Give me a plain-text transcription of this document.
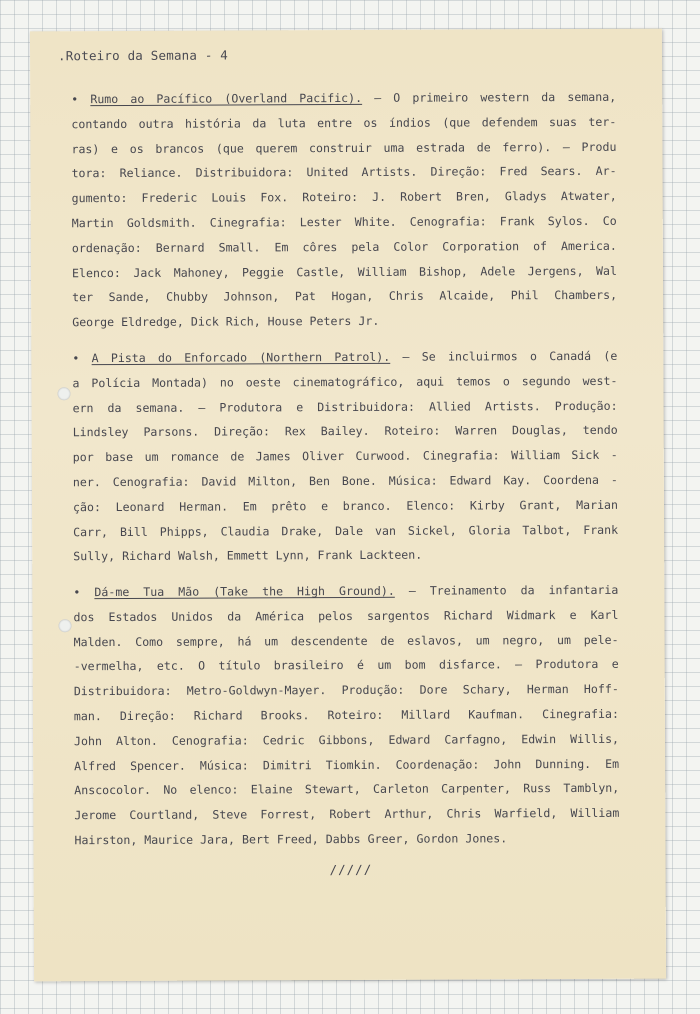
.Roteiro da Semana - 4
• Rumo ao Pacífico (Overland Pacific). — O primeiro western da semana,
contando outra história da luta entre os índios (que defendem suas ter-
ras) e os brancos (que querem construir uma estrada de ferro). — Produ
tora: Reliance. Distribuidora: United Artists. Direção: Fred Sears. Ar-
gumento: Frederic Louis Fox. Roteiro: J. Robert Bren, Gladys Atwater,
Martin Goldsmith. Cinegrafia: Lester White. Cenografia: Frank Sylos. Co
ordenação: Bernard Small. Em côres pela Color Corporation of America.
Elenco: Jack Mahoney, Peggie Castle, William Bishop, Adele Jergens, Wal
ter Sande, Chubby Johnson, Pat Hogan, Chris Alcaide, Phil Chambers,
George Eldredge, Dick Rich, House Peters Jr.
• A Pista do Enforcado (Northern Patrol). — Se incluirmos o Canadá (e
a Polícia Montada) no oeste cinematográfico, aqui temos o segundo west-
ern da semana. — Produtora e Distribuidora: Allied Artists. Produção:
Lindsley Parsons. Direção: Rex Bailey. Roteiro: Warren Douglas, tendo
por base um romance de James Oliver Curwood. Cinegrafia: William Sick -
ner. Cenografia: David Milton, Ben Bone. Música: Edward Kay. Coordena -
ção: Leonard Herman. Em prêto e branco. Elenco: Kirby Grant, Marian
Carr, Bill Phipps, Claudia Drake, Dale van Sickel, Gloria Talbot, Frank
Sully, Richard Walsh, Emmett Lynn, Frank Lackteen.
• Dá-me Tua Mão (Take the High Ground). — Treinamento da infantaria
dos Estados Unidos da América pelos sargentos Richard Widmark e Karl
Malden. Como sempre, há um descendente de eslavos, um negro, um pele-
-vermelha, etc. O título brasileiro é um bom disfarce. — Produtora e
Distribuidora: Metro-Goldwyn-Mayer. Produção: Dore Schary, Herman Hoff-
man. Direção: Richard Brooks. Roteiro: Millard Kaufman. Cinegrafia:
John Alton. Cenografia: Cedric Gibbons, Edward Carfagno, Edwin Willis,
Alfred Spencer. Música: Dimitri Tiomkin. Coordenação: John Dunning. Em
Anscocolor. No elenco: Elaine Stewart, Carleton Carpenter, Russ Tamblyn,
Jerome Courtland, Steve Forrest, Robert Arthur, Chris Warfield, William
Hairston, Maurice Jara, Bert Freed, Dabbs Greer, Gordon Jones.
/////
